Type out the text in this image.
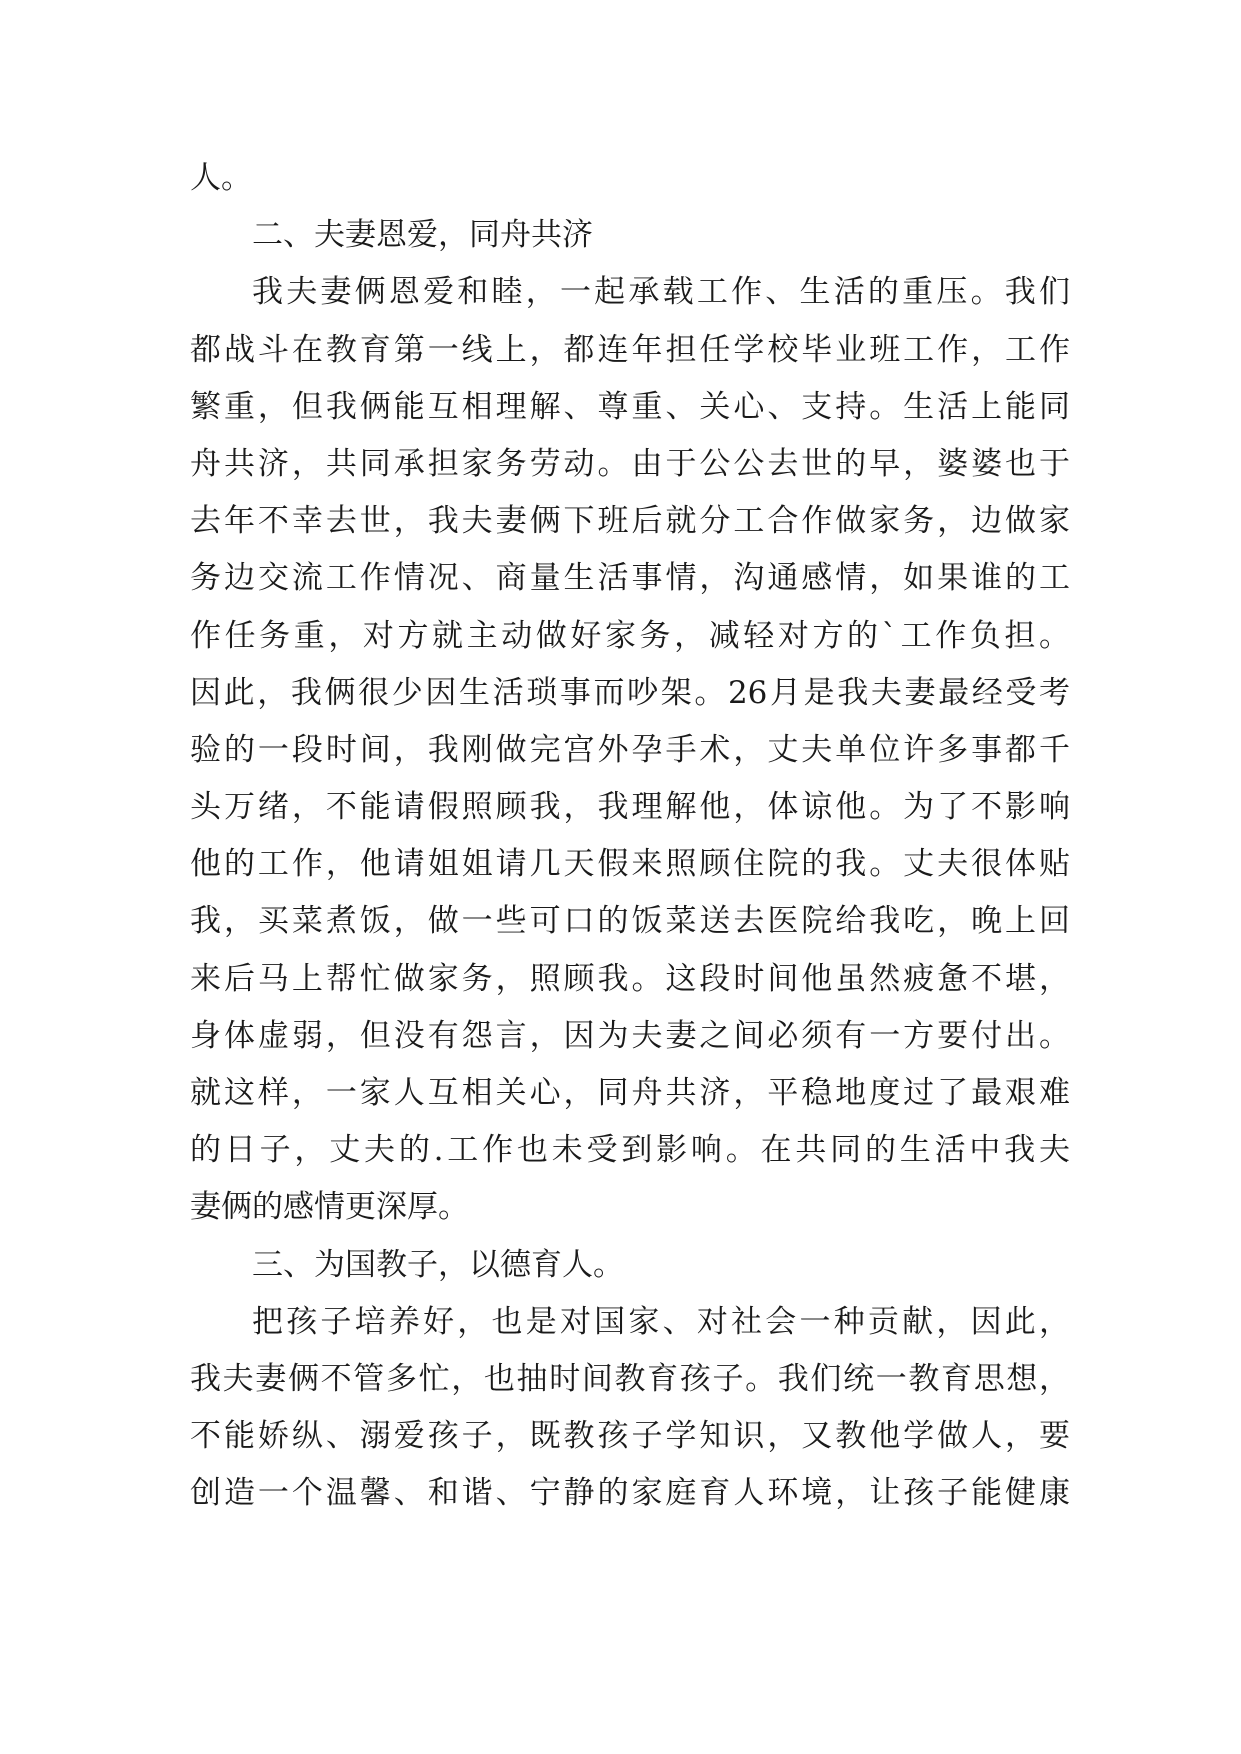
人。
二、夫妻恩爱，同舟共济
我夫妻俩恩爱和睦，一起承载工作、生活的重压。我们
都战斗在教育第一线上，都连年担任学校毕业班工作，工作
繁重，但我俩能互相理解、尊重、关心、支持。生活上能同
舟共济，共同承担家务劳动。由于公公去世的早，婆婆也于
去年不幸去世，我夫妻俩下班后就分工合作做家务，边做家
务边交流工作情况、商量生活事情，沟通感情，如果谁的工
作任务重，对方就主动做好家务，减轻对方的`工作负担。
因此，我俩很少因生活琐事而吵架。26月是我夫妻最经受考
验的一段时间，我刚做完宫外孕手术，丈夫单位许多事都千
头万绪，不能请假照顾我，我理解他，体谅他。为了不影响
他的工作，他请姐姐请几天假来照顾住院的我。丈夫很体贴
我，买菜煮饭，做一些可口的饭菜送去医院给我吃，晚上回
来后马上帮忙做家务，照顾我。这段时间他虽然疲惫不堪，
身体虚弱，但没有怨言，因为夫妻之间必须有一方要付出。
就这样，一家人互相关心，同舟共济，平稳地度过了最艰难
的日子，丈夫的.工作也未受到影响。在共同的生活中我夫
妻俩的感情更深厚。
三、为国教子，以德育人。
把孩子培养好，也是对国家、对社会一种贡献，因此，
我夫妻俩不管多忙，也抽时间教育孩子。我们统一教育思想，
不能娇纵、溺爱孩子，既教孩子学知识，又教他学做人，要
创造一个温馨、和谐、宁静的家庭育人环境，让孩子能健康
